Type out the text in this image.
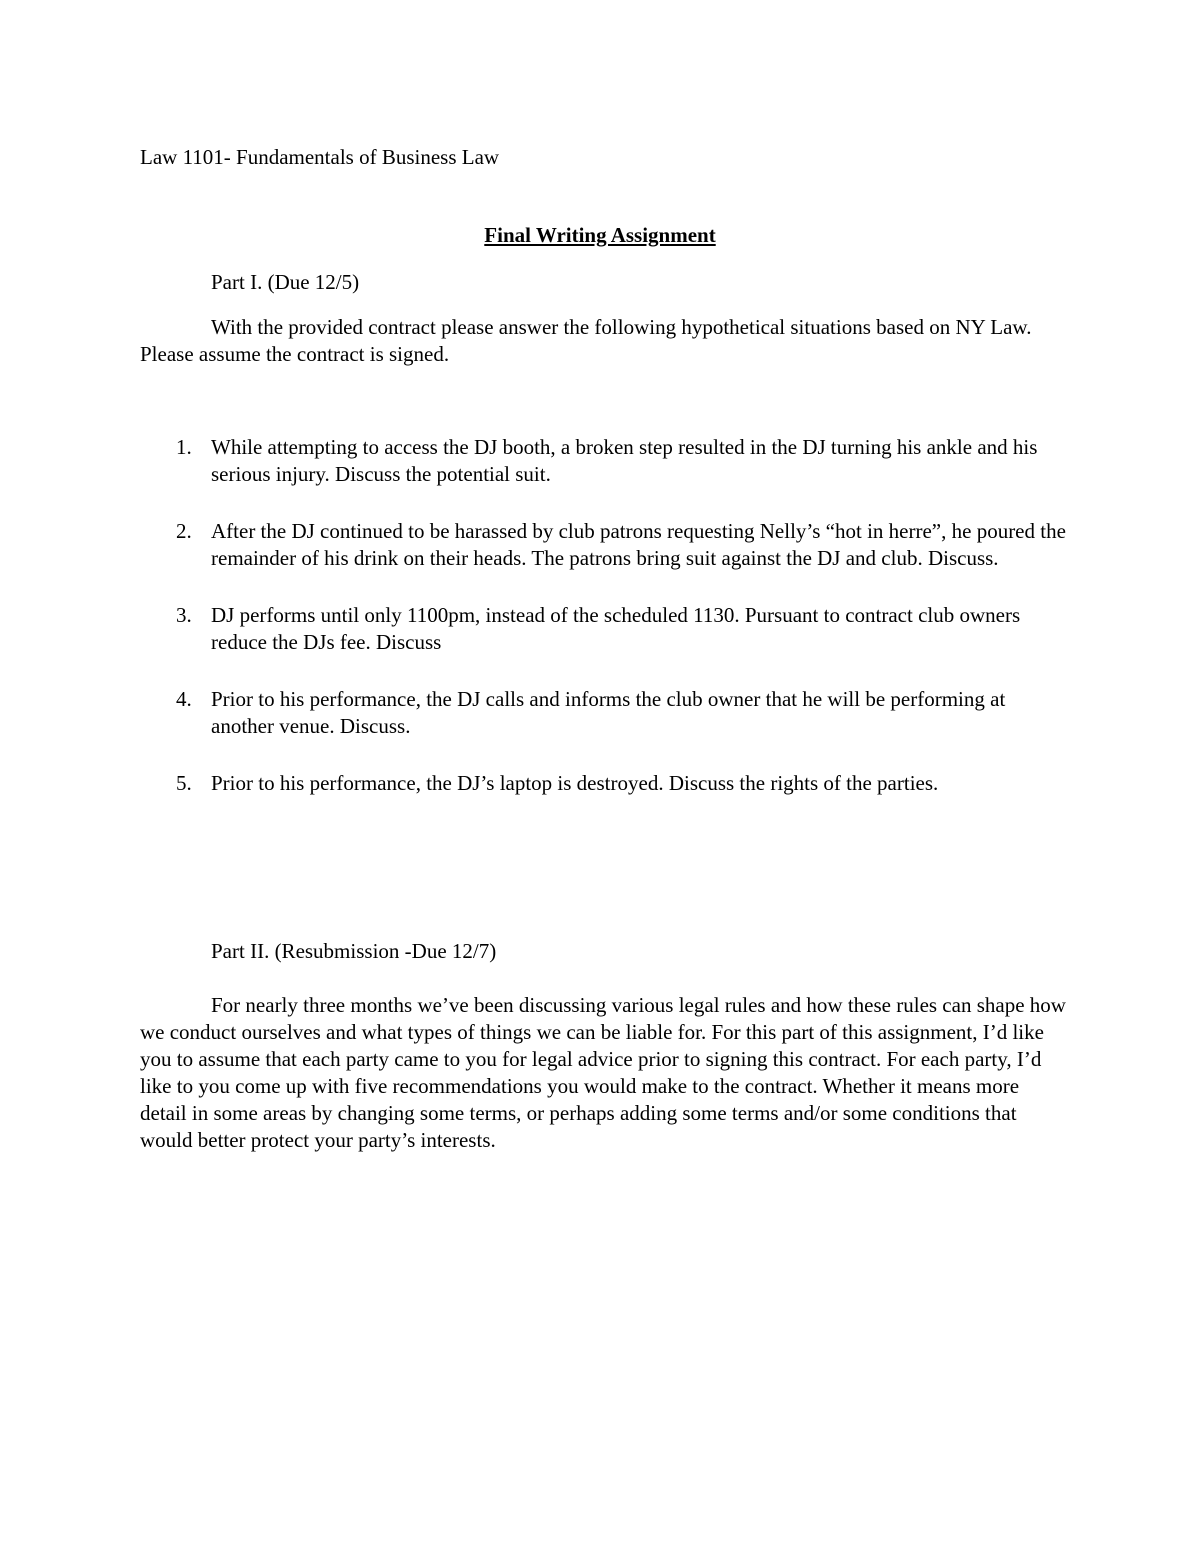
Law 1101- Fundamentals of Business Law
Final Writing Assignment
Part I. (Due 12/5)
With the provided contract please answer the following hypothetical situations based on NY Law. Please assume the contract is signed.
1. While attempting to access the DJ booth, a broken step resulted in the DJ turning his ankle and his serious injury. Discuss the potential suit.
2. After the DJ continued to be harassed by club patrons requesting Nelly’s “hot in herre”, he poured the remainder of his drink on their heads. The patrons bring suit against the DJ and club. Discuss.
3. DJ performs until only 1100pm, instead of the scheduled 1130. Pursuant to contract club owners reduce the DJs fee. Discuss
4. Prior to his performance, the DJ calls and informs the club owner that he will be performing at another venue. Discuss.
5. Prior to his performance, the DJ’s laptop is destroyed. Discuss the rights of the parties.
Part II. (Resubmission -Due 12/7)
For nearly three months we’ve been discussing various legal rules and how these rules can shape how we conduct ourselves and what types of things we can be liable for. For this part of this assignment, I’d like you to assume that each party came to you for legal advice prior to signing this contract. For each party, I’d like to you come up with five recommendations you would make to the contract. Whether it means more detail in some areas by changing some terms, or perhaps adding some terms and/or some conditions that would better protect your party’s interests.
